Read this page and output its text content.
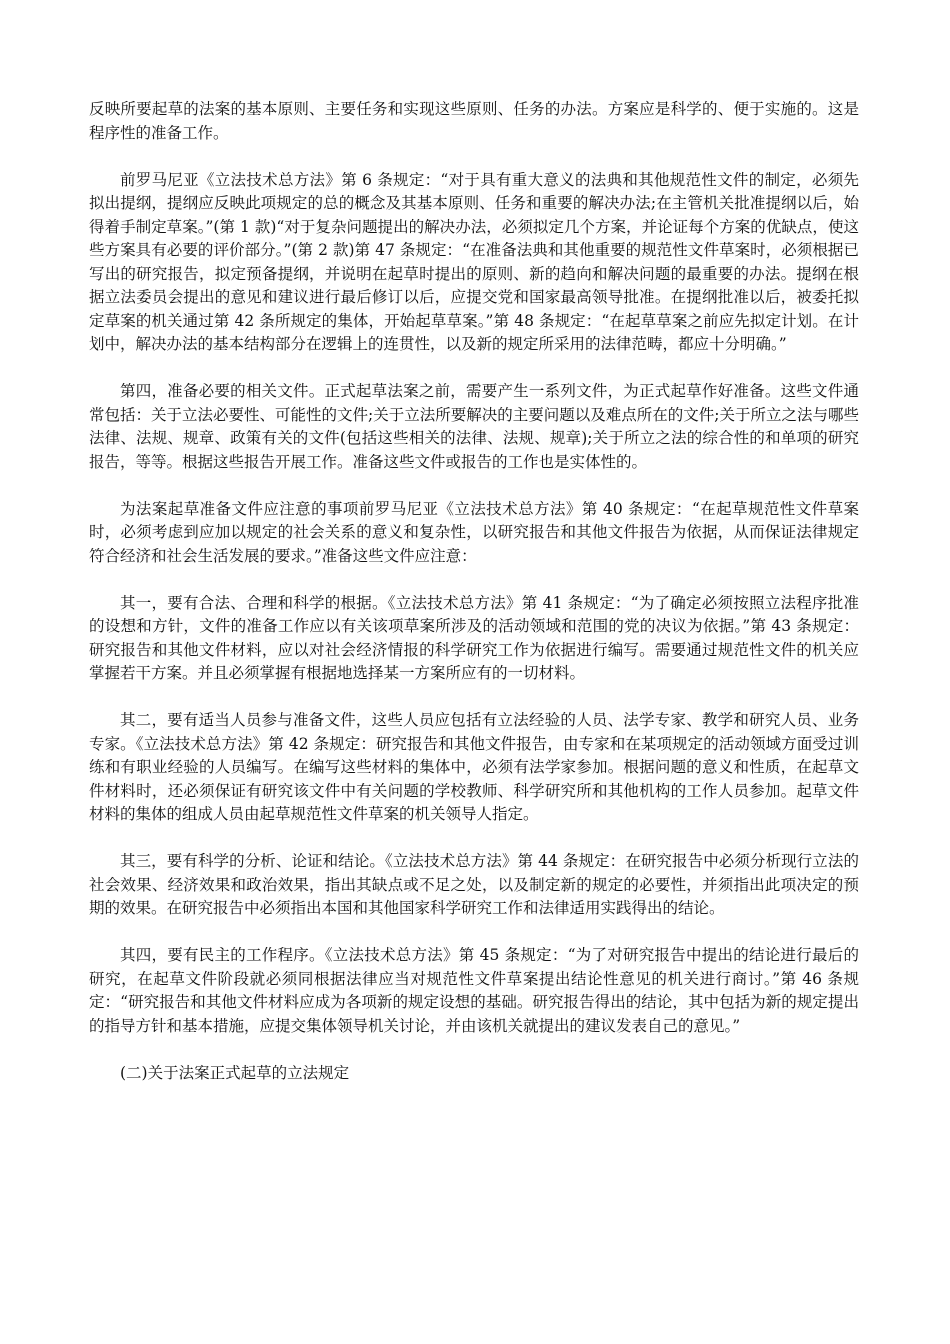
反映所要起草的法案的基本原则、主要任务和实现这些原则、任务的办法。方案应是科学的、便于实施的。这是程序性的准备工作。

前罗马尼亚《立法技术总方法》第 6 条规定：“对于具有重大意义的法典和其他规范性文件的制定，必须先拟出提纲，提纲应反映此项规定的总的概念及其基本原则、任务和重要的解决办法;在主管机关批准提纲以后，始得着手制定草案。”(第 1 款)“对于复杂问题提出的解决办法，必须拟定几个方案，并论证每个方案的优缺点，使这些方案具有必要的评价部分。”(第 2 款)第 47 条规定：“在准备法典和其他重要的规范性文件草案时，必须根据已写出的研究报告，拟定预备提纲，并说明在起草时提出的原则、新的趋向和解决问题的最重要的办法。提纲在根据立法委员会提出的意见和建议进行最后修订以后，应提交党和国家最高领导批准。在提纲批准以后，被委托拟定草案的机关通过第 42 条所规定的集体，开始起草草案。”第 48 条规定：“在起草草案之前应先拟定计划。在计划中，解决办法的基本结构部分在逻辑上的连贯性，以及新的规定所采用的法律范畴，都应十分明确。”

第四，准备必要的相关文件。正式起草法案之前，需要产生一系列文件，为正式起草作好准备。这些文件通常包括：关于立法必要性、可能性的文件;关于立法所要解决的主要问题以及难点所在的文件;关于所立之法与哪些法律、法规、规章、政策有关的文件(包括这些相关的法律、法规、规章);关于所立之法的综合性的和单项的研究报告，等等。根据这些报告开展工作。准备这些文件或报告的工作也是实体性的。

为法案起草准备文件应注意的事项前罗马尼亚《立法技术总方法》第 40 条规定：“在起草规范性文件草案时，必须考虑到应加以规定的社会关系的意义和复杂性，以研究报告和其他文件报告为依据，从而保证法律规定符合经济和社会生活发展的要求。”准备这些文件应注意：

其一，要有合法、合理和科学的根据。《立法技术总方法》第 41 条规定：“为了确定必须按照立法程序批准的设想和方针，文件的准备工作应以有关该项草案所涉及的活动领域和范围的党的决议为依据。”第 43 条规定：研究报告和其他文件材料，应以对社会经济情报的科学研究工作为依据进行编写。需要通过规范性文件的机关应掌握若干方案。并且必须掌握有根据地选择某一方案所应有的一切材料。

其二，要有适当人员参与准备文件，这些人员应包括有立法经验的人员、法学专家、教学和研究人员、业务专家。《立法技术总方法》第 42 条规定：研究报告和其他文件报告，由专家和在某项规定的活动领域方面受过训练和有职业经验的人员编写。在编写这些材料的集体中，必须有法学家参加。根据问题的意义和性质，在起草文件材料时，还必须保证有研究该文件中有关问题的学校教师、科学研究所和其他机构的工作人员参加。起草文件材料的集体的组成人员由起草规范性文件草案的机关领导人指定。

其三，要有科学的分析、论证和结论。《立法技术总方法》第 44 条规定：在研究报告中必须分析现行立法的社会效果、经济效果和政治效果，指出其缺点或不足之处，以及制定新的规定的必要性，并须指出此项决定的预期的效果。在研究报告中必须指出本国和其他国家科学研究工作和法律适用实践得出的结论。

其四，要有民主的工作程序。《立法技术总方法》第 45 条规定：“为了对研究报告中提出的结论进行最后的研究，在起草文件阶段就必须同根据法律应当对规范性文件草案提出结论性意见的机关进行商讨。”第 46 条规定：“研究报告和其他文件材料应成为各项新的规定设想的基础。研究报告得出的结论，其中包括为新的规定提出的指导方针和基本措施，应提交集体领导机关讨论，并由该机关就提出的建议发表自己的意见。”

(二)关于法案正式起草的立法规定
